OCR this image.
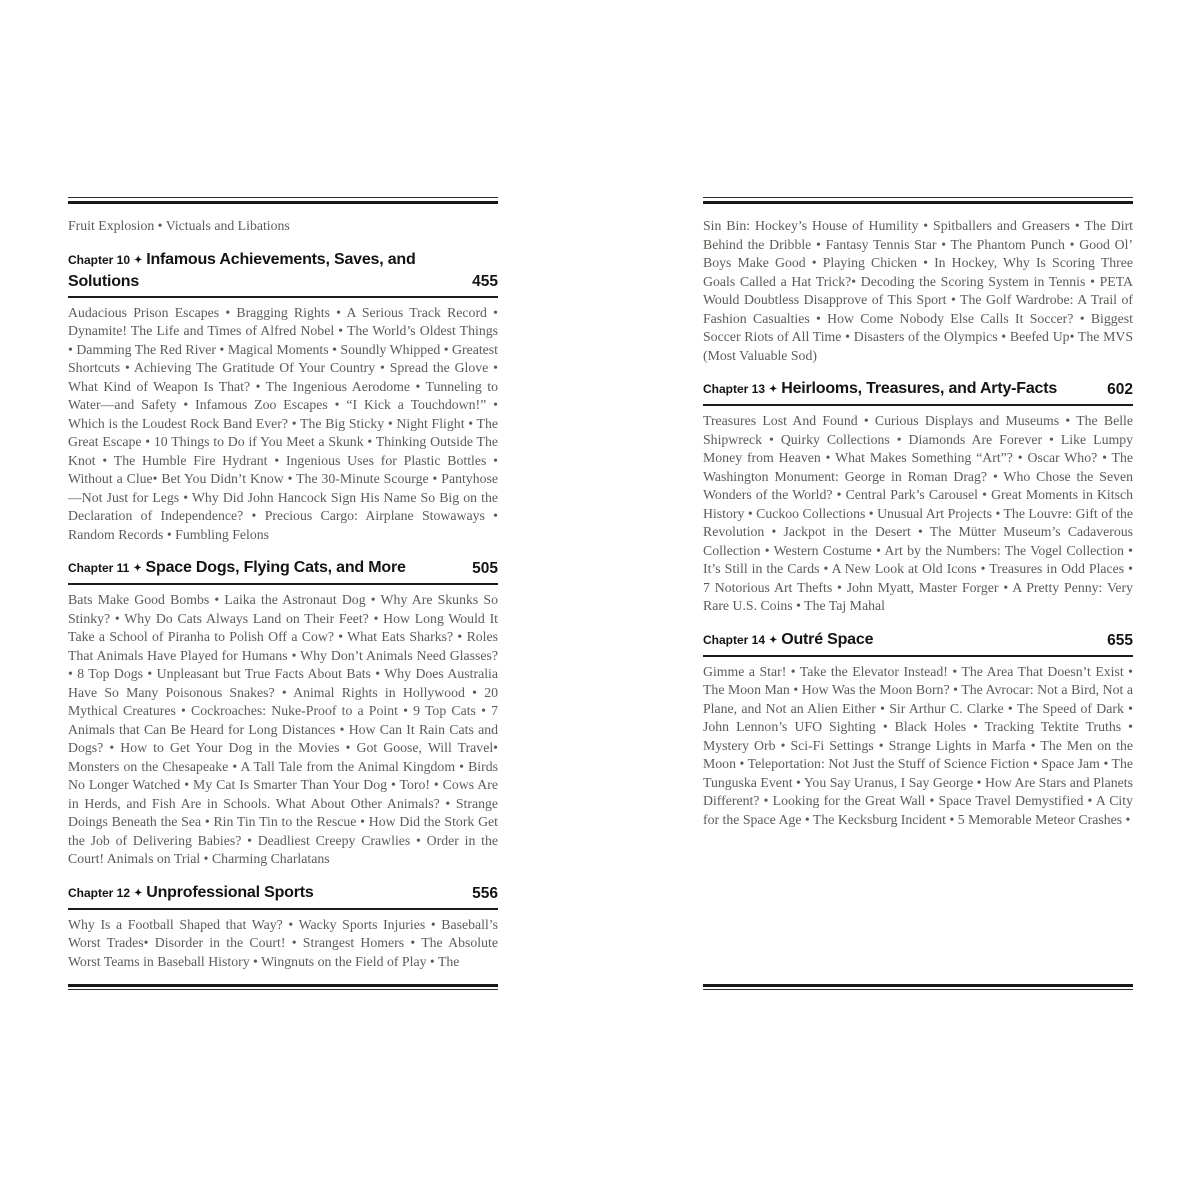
Fruit Explosion • Victuals and Libations

Chapter 10 ✦ Infamous Achievements, Saves, and Solutions	455

Audacious Prison Escapes • Bragging Rights • A Serious Track Record • Dynamite! The Life and Times of Alfred Nobel • The World’s Oldest Things • Damming The Red River • Magical Moments • Soundly Whipped • Greatest Shortcuts • Achieving The Gratitude Of Your Country • Spread the Glove • What Kind of Weapon Is That? • The Ingenious Aerodome • Tunneling to Water—and Safety • Infamous Zoo Escapes • “I Kick a Touchdown!” • Which is the Loudest Rock Band Ever? • The Big Sticky • Night Flight • The Great Escape • 10 Things to Do if You Meet a Skunk • Thinking Outside The Knot • The Humble Fire Hydrant • Ingenious Uses for Plastic Bottles • Without a Clue• Bet You Didn’t Know • The 30-Minute Scourge • Pantyhose—Not Just for Legs • Why Did John Hancock Sign His Name So Big on the Declaration of Independence? • Precious Cargo: Airplane Stowaways • Random Records • Fumbling Felons

Chapter 11 ✦ Space Dogs, Flying Cats, and More	505

Bats Make Good Bombs • Laika the Astronaut Dog • Why Are Skunks So Stinky? • Why Do Cats Always Land on Their Feet? • How Long Would It Take a School of Piranha to Polish Off a Cow? • What Eats Sharks? • Roles That Animals Have Played for Humans • Why Don’t Animals Need Glasses? • 8 Top Dogs • Unpleasant but True Facts About Bats • Why Does Australia Have So Many Poisonous Snakes? • Animal Rights in Hollywood • 20 Mythical Creatures • Cockroaches: Nuke-Proof to a Point • 9 Top Cats • 7 Animals that Can Be Heard for Long Distances • How Can It Rain Cats and Dogs? • How to Get Your Dog in the Movies • Got Goose, Will Travel• Monsters on the Chesapeake • A Tall Tale from the Animal Kingdom • Birds No Longer Watched • My Cat Is Smarter Than Your Dog • Toro! • Cows Are in Herds, and Fish Are in Schools. What About Other Animals? • Strange Doings Beneath the Sea • Rin Tin Tin to the Rescue • How Did the Stork Get the Job of Delivering Babies? • Deadliest Creepy Crawlies • Order in the Court! Animals on Trial • Charming Charlatans

Chapter 12 ✦ Unprofessional Sports	556

Why Is a Football Shaped that Way? • Wacky Sports Injuries • Baseball’s Worst Trades• Disorder in the Court! • Strangest Homers • The Absolute Worst Teams in Baseball History • Wingnuts on the Field of Play • The

Sin Bin: Hockey’s House of Humility • Spitballers and Greasers • The Dirt Behind the Dribble • Fantasy Tennis Star • The Phantom Punch • Good Ol’ Boys Make Good • Playing Chicken • In Hockey, Why Is Scoring Three Goals Called a Hat Trick?• Decoding the Scoring System in Tennis • PETA Would Doubtless Disapprove of This Sport • The Golf Wardrobe: A Trail of Fashion Casualties • How Come Nobody Else Calls It Soccer? • Biggest Soccer Riots of All Time • Disasters of the Olympics • Beefed Up• The MVS (Most Valuable Sod)

Chapter 13 ✦ Heirlooms, Treasures, and Arty-Facts	602

Treasures Lost And Found • Curious Displays and Museums • The Belle Shipwreck • Quirky Collections • Diamonds Are Forever • Like Lumpy Money from Heaven • What Makes Something “Art”? • Oscar Who? • The Washington Monument: George in Roman Drag? • Who Chose the Seven Wonders of the World? • Central Park’s Carousel • Great Moments in Kitsch History • Cuckoo Collections • Unusual Art Projects • The Louvre: Gift of the Revolution • Jackpot in the Desert • The Mütter Museum’s Cadaverous Collection • Western Costume • Art by the Numbers: The Vogel Collection • It’s Still in the Cards • A New Look at Old Icons • Treasures in Odd Places • 7 Notorious Art Thefts • John Myatt, Master Forger • A Pretty Penny: Very Rare U.S. Coins • The Taj Mahal

Chapter 14 ✦ Outré Space	655

Gimme a Star! • Take the Elevator Instead! • The Area That Doesn’t Exist • The Moon Man • How Was the Moon Born? • The Avrocar: Not a Bird, Not a Plane, and Not an Alien Either • Sir Arthur C. Clarke • The Speed of Dark • John Lennon’s UFO Sighting • Black Holes • Tracking Tektite Truths • Mystery Orb • Sci-Fi Settings • Strange Lights in Marfa • The Men on the Moon • Teleportation: Not Just the Stuff of Science Fiction • Space Jam • The Tunguska Event • You Say Uranus, I Say George • How Are Stars and Planets Different? • Looking for the Great Wall • Space Travel Demystified • A City for the Space Age • The Kecksburg Incident • 5 Memorable Meteor Crashes •
